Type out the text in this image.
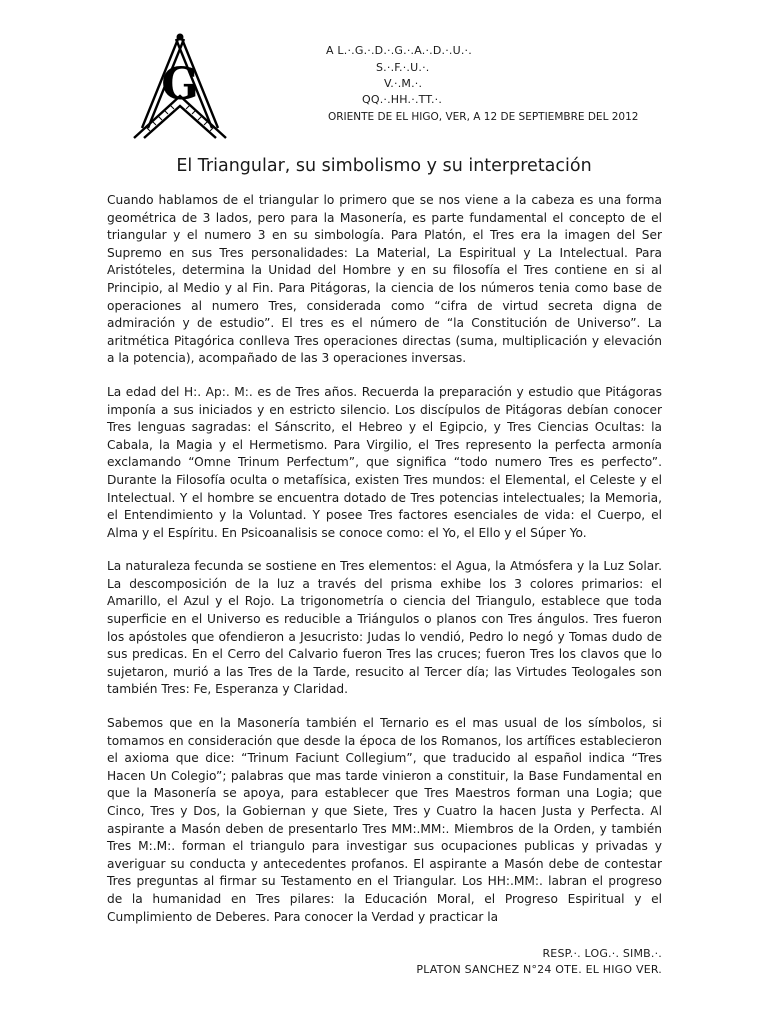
G
A L.·.G.·.D.·.G.·.A.·.D.·.U.·.
S.·.F.·.U.·.
V.·.M.·.
QQ.·.HH.·.TT.·.
ORIENTE DE EL HIGO, VER, A 12 DE SEPTIEMBRE DEL 2012
El Triangular, su simbolismo y su interpretación

Cuando hablamos de el triangular lo primero que se nos viene a la cabeza es una forma geométrica de 3 lados, pero para la Masonería, es parte fundamental el concepto de el triangular y el numero 3 en su simbología. Para Platón, el Tres era la imagen del Ser Supremo en sus Tres personalidades: La Material, La Espiritual y La Intelectual. Para Aristóteles, determina la Unidad del Hombre y en su filosofía el Tres contiene en si al Principio, al Medio y al Fin. Para Pitágoras, la ciencia de los números tenia como base de operaciones al numero Tres, considerada como “cifra de virtud secreta digna de admiración y de estudio”. El tres es el número de “la Constitución de Universo”. La aritmética Pitagórica conlleva Tres operaciones directas (suma, multiplicación y elevación a la potencia), acompañado de las 3 operaciones inversas.

La edad del H:. Ap:. M:. es de Tres años. Recuerda la preparación y estudio que Pitágoras imponía a sus iniciados y en estricto silencio. Los discípulos de Pitágoras debían conocer Tres lenguas sagradas: el Sánscrito, el Hebreo y el Egipcio, y Tres Ciencias Ocultas: la Cabala, la Magia y el Hermetismo. Para Virgilio, el Tres represento la perfecta armonía exclamando “Omne Trinum Perfectum”, que significa “todo numero Tres es perfecto”. Durante la Filosofía oculta o metafísica, existen Tres mundos: el Elemental, el Celeste y el Intelectual. Y el hombre se encuentra dotado de Tres potencias intelectuales; la Memoria, el Entendimiento y la Voluntad. Y posee Tres factores esenciales de vida: el Cuerpo, el Alma y el Espíritu. En Psicoanalisis se conoce como: el Yo, el Ello y el Súper Yo.

La naturaleza fecunda se sostiene en Tres elementos: el Agua, la Atmósfera y la Luz Solar. La descomposición de la luz a través del prisma exhibe los 3 colores primarios: el Amarillo, el Azul y el Rojo. La trigonometría o ciencia del Triangulo, establece que toda superficie en el Universo es reducible a Triángulos o planos con Tres ángulos. Tres fueron los apóstoles que ofendieron a Jesucristo: Judas lo vendió, Pedro lo negó y Tomas dudo de sus predicas. En el Cerro del Calvario fueron Tres las cruces; fueron Tres los clavos que lo sujetaron, murió a las Tres de la Tarde, resucito al Tercer día; las Virtudes Teologales son también Tres: Fe, Esperanza y Claridad.

Sabemos que en la Masonería también el Ternario es el mas usual de los símbolos, si tomamos en consideración que desde la época de los Romanos, los artífices establecieron el axioma que dice: “Trinum Faciunt Collegium”, que traducido al español indica “Tres Hacen Un Colegio”; palabras que mas tarde vinieron a constituir, la Base Fundamental en que la Masonería se apoya, para establecer que Tres Maestros forman una Logia; que Cinco, Tres y Dos, la Gobiernan y que Siete, Tres y Cuatro la hacen Justa y Perfecta. Al aspirante a Masón deben de presentarlo Tres MM:.MM:. Miembros de la Orden, y también Tres M:.M:. forman el triangulo para investigar sus ocupaciones publicas y privadas y averiguar su conducta y antecedentes profanos. El aspirante a Masón debe de contestar Tres preguntas al firmar su Testamento en el Triangular. Los HH:.MM:. labran el progreso de la humanidad en Tres pilares: la Educación Moral, el Progreso Espiritual y el Cumplimiento de Deberes. Para conocer la Verdad y practicar la

RESP.·. LOG.·. SIMB.·.
PLATON SANCHEZ N°24 OTE. EL HIGO VER.
